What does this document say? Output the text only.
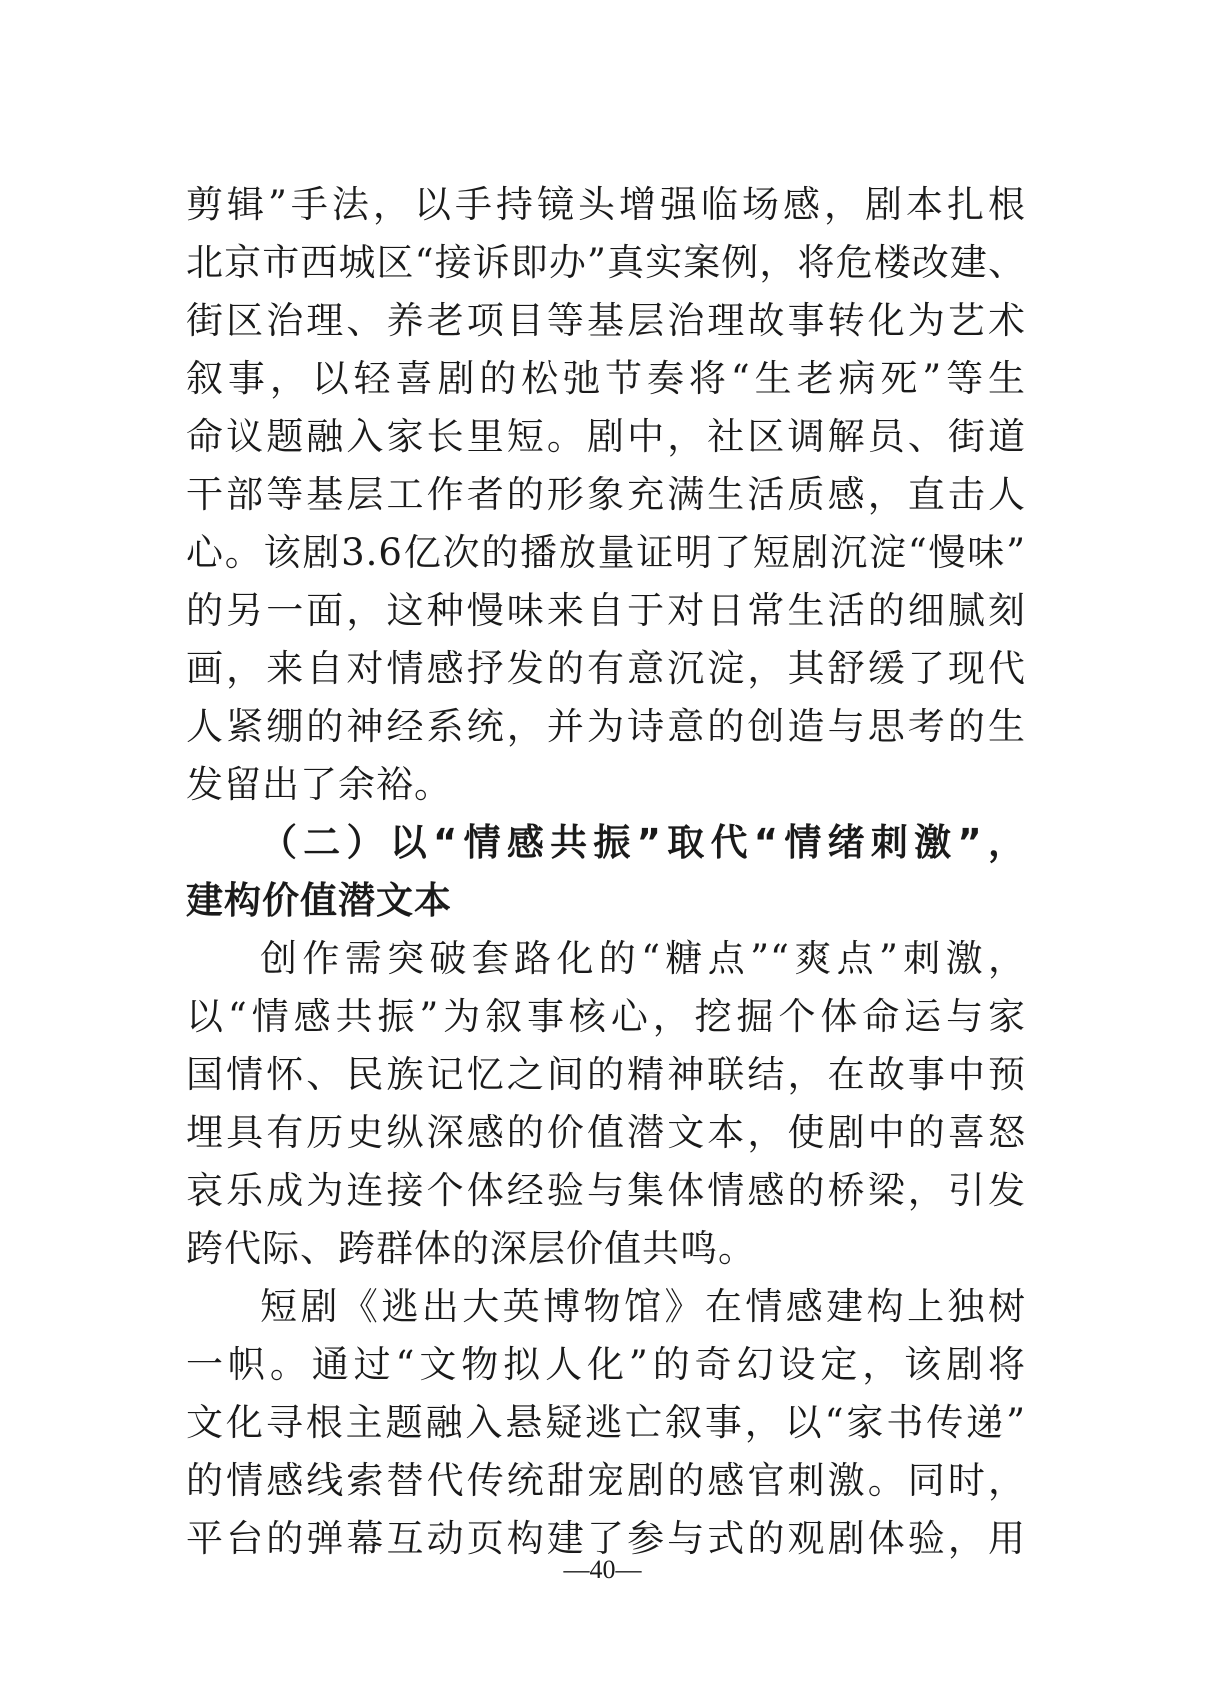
剪辑”手法，以手持镜头增强临场感，剧本扎根
北京市西城区“接诉即办”真实案例，将危楼改建、
街区治理、养老项目等基层治理故事转化为艺术
叙事，以轻喜剧的松弛节奏将“生老病死”等生
命议题融入家长里短。剧中，社区调解员、街道
干部等基层工作者的形象充满生活质感，直击人
心。该剧3.6亿次的播放量证明了短剧沉淀“慢味”
的另一面，这种慢味来自于对日常生活的细腻刻
画，来自对情感抒发的有意沉淀，其舒缓了现代
人紧绷的神经系统，并为诗意的创造与思考的生
发留出了余裕。
（二）以“情感共振”取代“情绪刺激”，
建构价值潜文本
创作需突破套路化的“糖点”“爽点”刺激，
以“情感共振”为叙事核心，挖掘个体命运与家
国情怀、民族记忆之间的精神联结，在故事中预
埋具有历史纵深感的价值潜文本，使剧中的喜怒
哀乐成为连接个体经验与集体情感的桥梁，引发
跨代际、跨群体的深层价值共鸣。
短剧《逃出大英博物馆》在情感建构上独树
一帜。通过“文物拟人化”的奇幻设定，该剧将
文化寻根主题融入悬疑逃亡叙事，以“家书传递”
的情感线索替代传统甜宠剧的感官刺激。同时，
平台的弹幕互动页构建了参与式的观剧体验，用
—40—
